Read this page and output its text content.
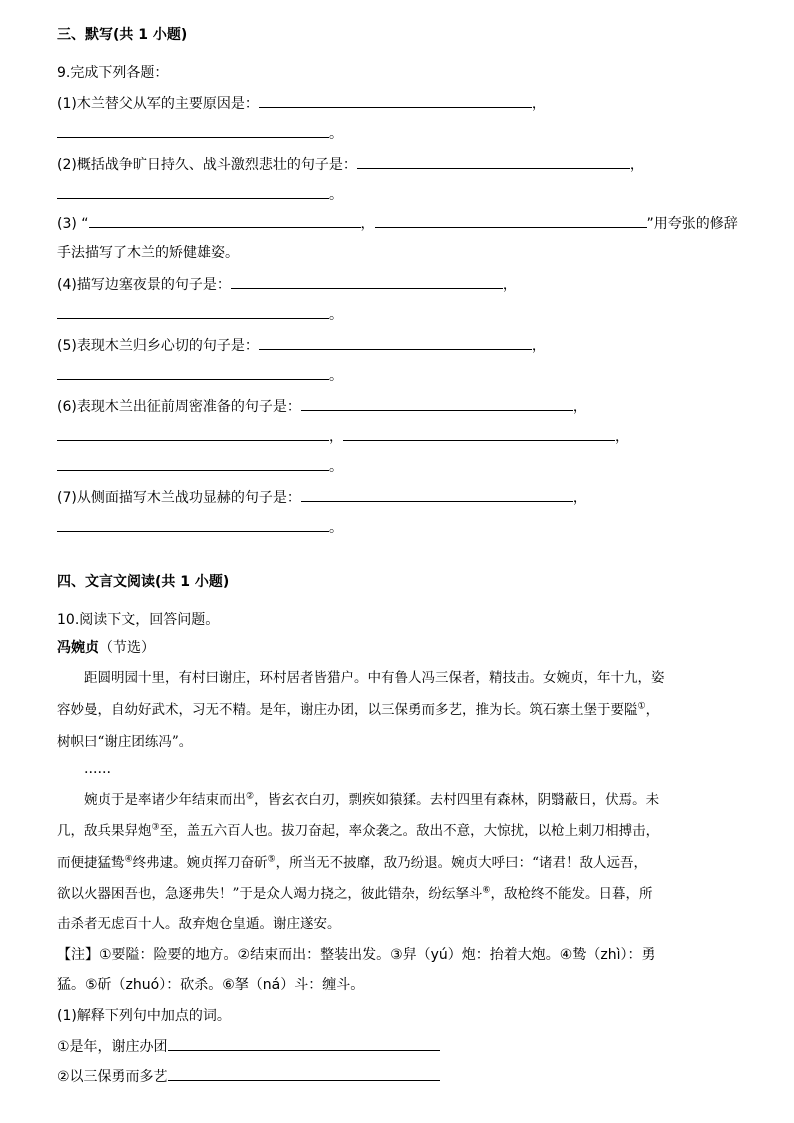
三、默写(共 1 小题)
9.完成下列各题：
(1)木兰替父从军的主要原因是：	，
。
(2)概括战争旷日持久、战斗激烈悲壮的句子是：	，
。
(3) “	，	”用夸张的修辞
手法描写了木兰的矫健雄姿。
(4)描写边塞夜景的句子是：	，
。
(5)表现木兰归乡心切的句子是：	，
。
(6)表现木兰出征前周密准备的句子是：	，
，	，
。
(7)从侧面描写木兰战功显赫的句子是：	，
。
四、文言文阅读(共 1 小题)
10.阅读下文，回答问题。
冯婉贞（节选）
距圆明园十里，有村曰谢庄，环村居者皆猎户。中有鲁人冯三保者，精技击。女婉贞，年十九，姿
容妙曼，自幼好武术，习无不精。是年，谢庄办团，以三保勇而多艺，推为长。筑石寨土堡于要隘①，
树帜曰“谢庄团练冯”。
……
婉贞于是率诸少年结束而出②，皆玄衣白刃，剽疾如猿猱。去村四里有森林，阴翳蔽日，伏焉。未
几，敌兵果舁炮③至，盖五六百人也。拔刀奋起，率众袭之。敌出不意，大惊扰，以枪上刺刀相搏击，
而便捷猛鸷④终弗逮。婉贞挥刀奋斫⑤，所当无不披靡，敌乃纷退。婉贞大呼曰：“诸君！敌人远吾，
欲以火器困吾也，急逐弗失！”于是众人竭力挠之，彼此错杂，纷纭拏斗⑥，敌枪终不能发。日暮，所
击杀者无虑百十人。敌弃炮仓皇遁。谢庄遂安。
【注】①要隘：险要的地方。②结束而出：整装出发。③舁（yú）炮：抬着大炮。④鸷（zhì）：勇
猛。⑤斫（zhuó）：砍杀。⑥拏（ná）斗：缠斗。
(1)解释下列句中加点的词。
①是年，谢庄办团
②以三保勇而多艺
